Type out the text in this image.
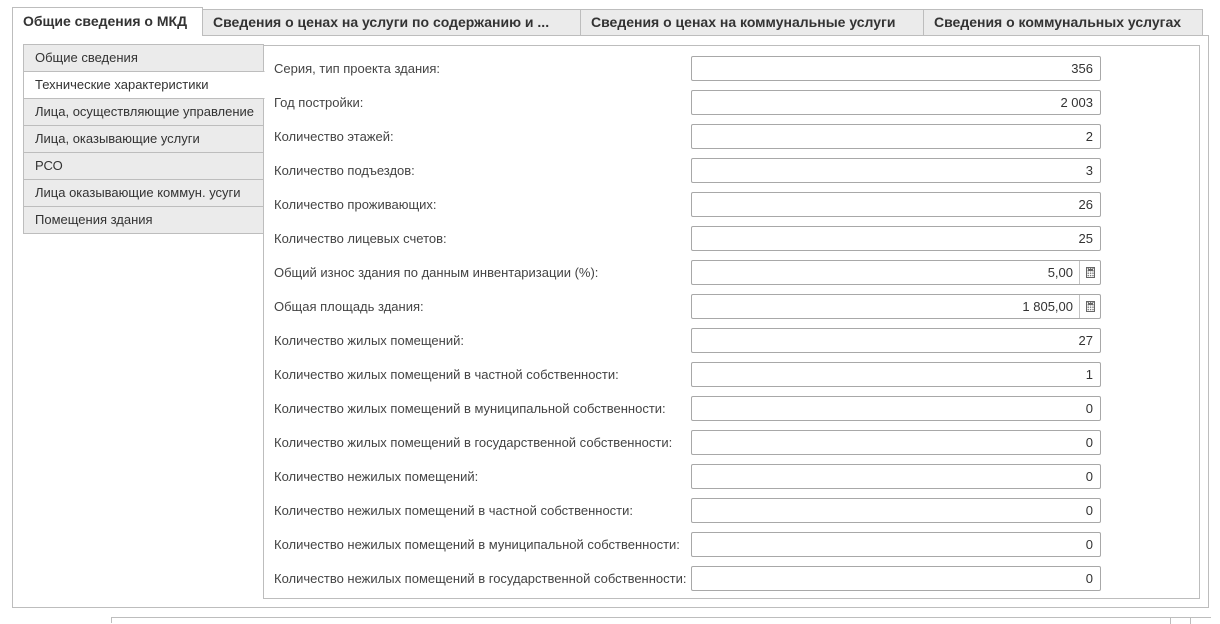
Общие сведения о МКД	Сведения о ценах на услуги по содержанию и ...	Сведения о ценах на коммунальные услуги	Сведения о коммунальных услугах
Общие сведения
Технические характеристики
Лица, осуществляющие управление
Лица, оказывающие услуги
РСО
Лица оказывающие коммун. усуги
Помещения здания
Серия, тип проекта здания:	356
Год постройки:	2 003
Количество этажей:	2
Количество подъездов:	3
Количество проживающих:	26
Количество лицевых счетов:	25
Общий износ здания по данным инвентаризации (%):	5,00
Общая площадь здания:	1 805,00
Количество жилых помещений:	27
Количество жилых помещений в частной собственности:	1
Количество жилых помещений в муниципальной собственности:	0
Количество жилых помещений в государственной собственности:	0
Количество нежилых помещений:	0
Количество нежилых помещений в частной собственности:	0
Количество нежилых помещений в муниципальной собственности:	0
Количество нежилых помещений в государственной собственности:	0
